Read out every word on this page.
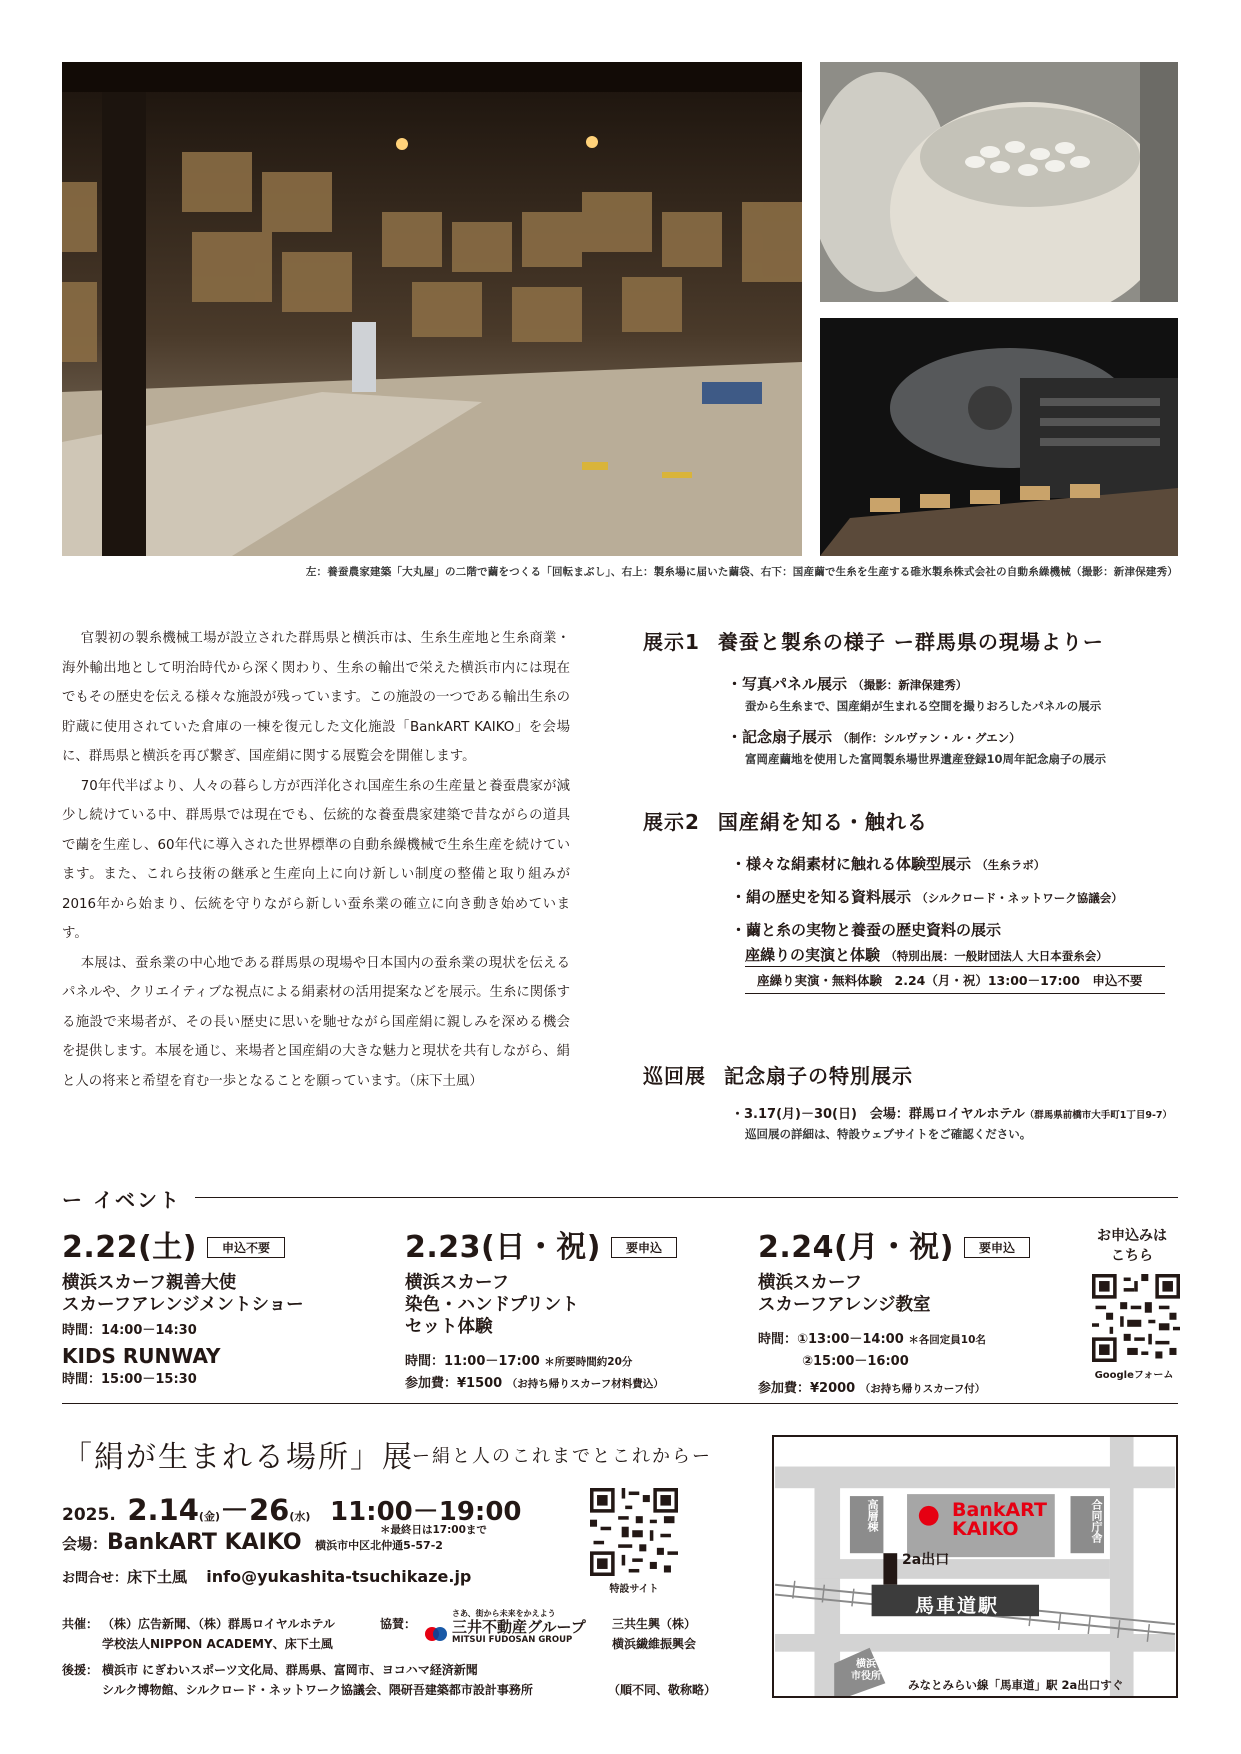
左：養蚕農家建築「大丸屋」の二階で繭をつくる「回転まぶし」、右上：製糸場に届いた繭袋、右下：国産繭で生糸を生産する碓氷製糸株式会社の自動糸繰機械（撮影：新津保建秀）

官製初の製糸機械工場が設立された群馬県と横浜市は、生糸生産地と生糸商業・海外輸出地として明治時代から深く関わり、生糸の輸出で栄えた横浜市内には現在でもその歴史を伝える様々な施設が残っています。この施設の一つである輸出生糸の貯蔵に使用されていた倉庫の一棟を復元した文化施設「BankART KAIKO」を会場に、群馬県と横浜を再び繋ぎ、国産絹に関する展覧会を開催します。

70年代半ばより、人々の暮らし方が西洋化され国産生糸の生産量と養蚕農家が減少し続けている中、群馬県では現在でも、伝統的な養蚕農家建築で昔ながらの道具で繭を生産し、60年代に導入された世界標準の自動糸繰機械で生糸生産を続けています。また、これら技術の継承と生産向上に向け新しい制度の整備と取り組みが2016年から始まり、伝統を守りながら新しい蚕糸業の確立に向き動き始めています。

本展は、蚕糸業の中心地である群馬県の現場や日本国内の蚕糸業の現状を伝えるパネルや、クリエイティブな視点による絹素材の活用提案などを展示。生糸に関係する施設で来場者が、その長い歴史に思いを馳せながら国産絹に親しみを深める機会を提供します。本展を通じ、来場者と国産絹の大きな魅力と現状を共有しながら、絹と人の将来と希望を育む一歩となることを願っています。（床下土風）

展示1 養蚕と製糸の様子 ー群馬県の現場よりー
・写真パネル展示 （撮影：新津保建秀）
蚕から生糸まで、国産絹が生まれる空間を撮りおろしたパネルの展示
・記念扇子展示 （制作：シルヴァン・ル・グエン）
富岡産繭地を使用した富岡製糸場世界遺産登録10周年記念扇子の展示
展示2 国産絹を知る・触れる
・様々な絹素材に触れる体験型展示 （生糸ラボ）
・絹の歴史を知る資料展示 （シルクロード・ネットワーク協議会）
・繭と糸の実物と養蚕の歴史資料の展示
座繰りの実演と体験 （特別出展：一般財団法人 大日本蚕糸会）
座繰り実演・無料体験　2.24（月・祝）13:00－17:00　申込不要
巡回展 記念扇子の特別展示
・3.17(月)－30(日)　会場：群馬ロイヤルホテル（群馬県前橋市大手町1丁目9-7）
巡回展の詳細は、特設ウェブサイトをご確認ください。
ー イベント
2.22(土) 申込不要
横浜スカーフ親善大使
スカーフアレンジメントショー
時間：14:00－14:30
KIDS RUNWAY
時間：15:00－15:30
2.23(日・祝) 要申込
横浜スカーフ
染色・ハンドプリント
セット体験
時間：11:00－17:00 ＊所要時間約20分
参加費：¥1500 （お持ち帰りスカーフ材料費込）
2.24(月・祝) 要申込
横浜スカーフ
スカーフアレンジ教室
時間：①13:00－14:00 ＊各回定員10名
②15:00－16:00
参加費：¥2000 （お持ち帰りスカーフ付）
お申込みは
こちら
Googleフォーム
「絹が生まれる場所」展
ー絹と人のこれまでとこれからー
2025. 2.14(金)－26(水) 11:00－19:00
＊最終日は17:00まで
会場：BankART KAIKO 横浜市中区北仲通5-57-2
お問合せ：床下土風 info@yukashita-tsuchikaze.jp
特設サイト
共催： （株）広告新聞、（株）群馬ロイヤルホテル
学校法人NIPPON ACADEMY、床下土風
協賛：
さあ、街から未来をかえよう
三井不動産グループ
MITSUI FUDOSAN GROUP
三共生興（株）
横浜繊維振興会
後援： 横浜市 にぎわいスポーツ文化局、群馬県、富岡市、ヨコハマ経済新聞
シルク博物館、シルクロード・ネットワーク協議会、隈研吾建築都市設計事務所	（順不同、敬称略）
BankART
KAIKO
高層棟	合同庁舎
2a出口
馬車道駅
横浜
市役所
みなとみらい線「馬車道」駅 2a出口すぐ
